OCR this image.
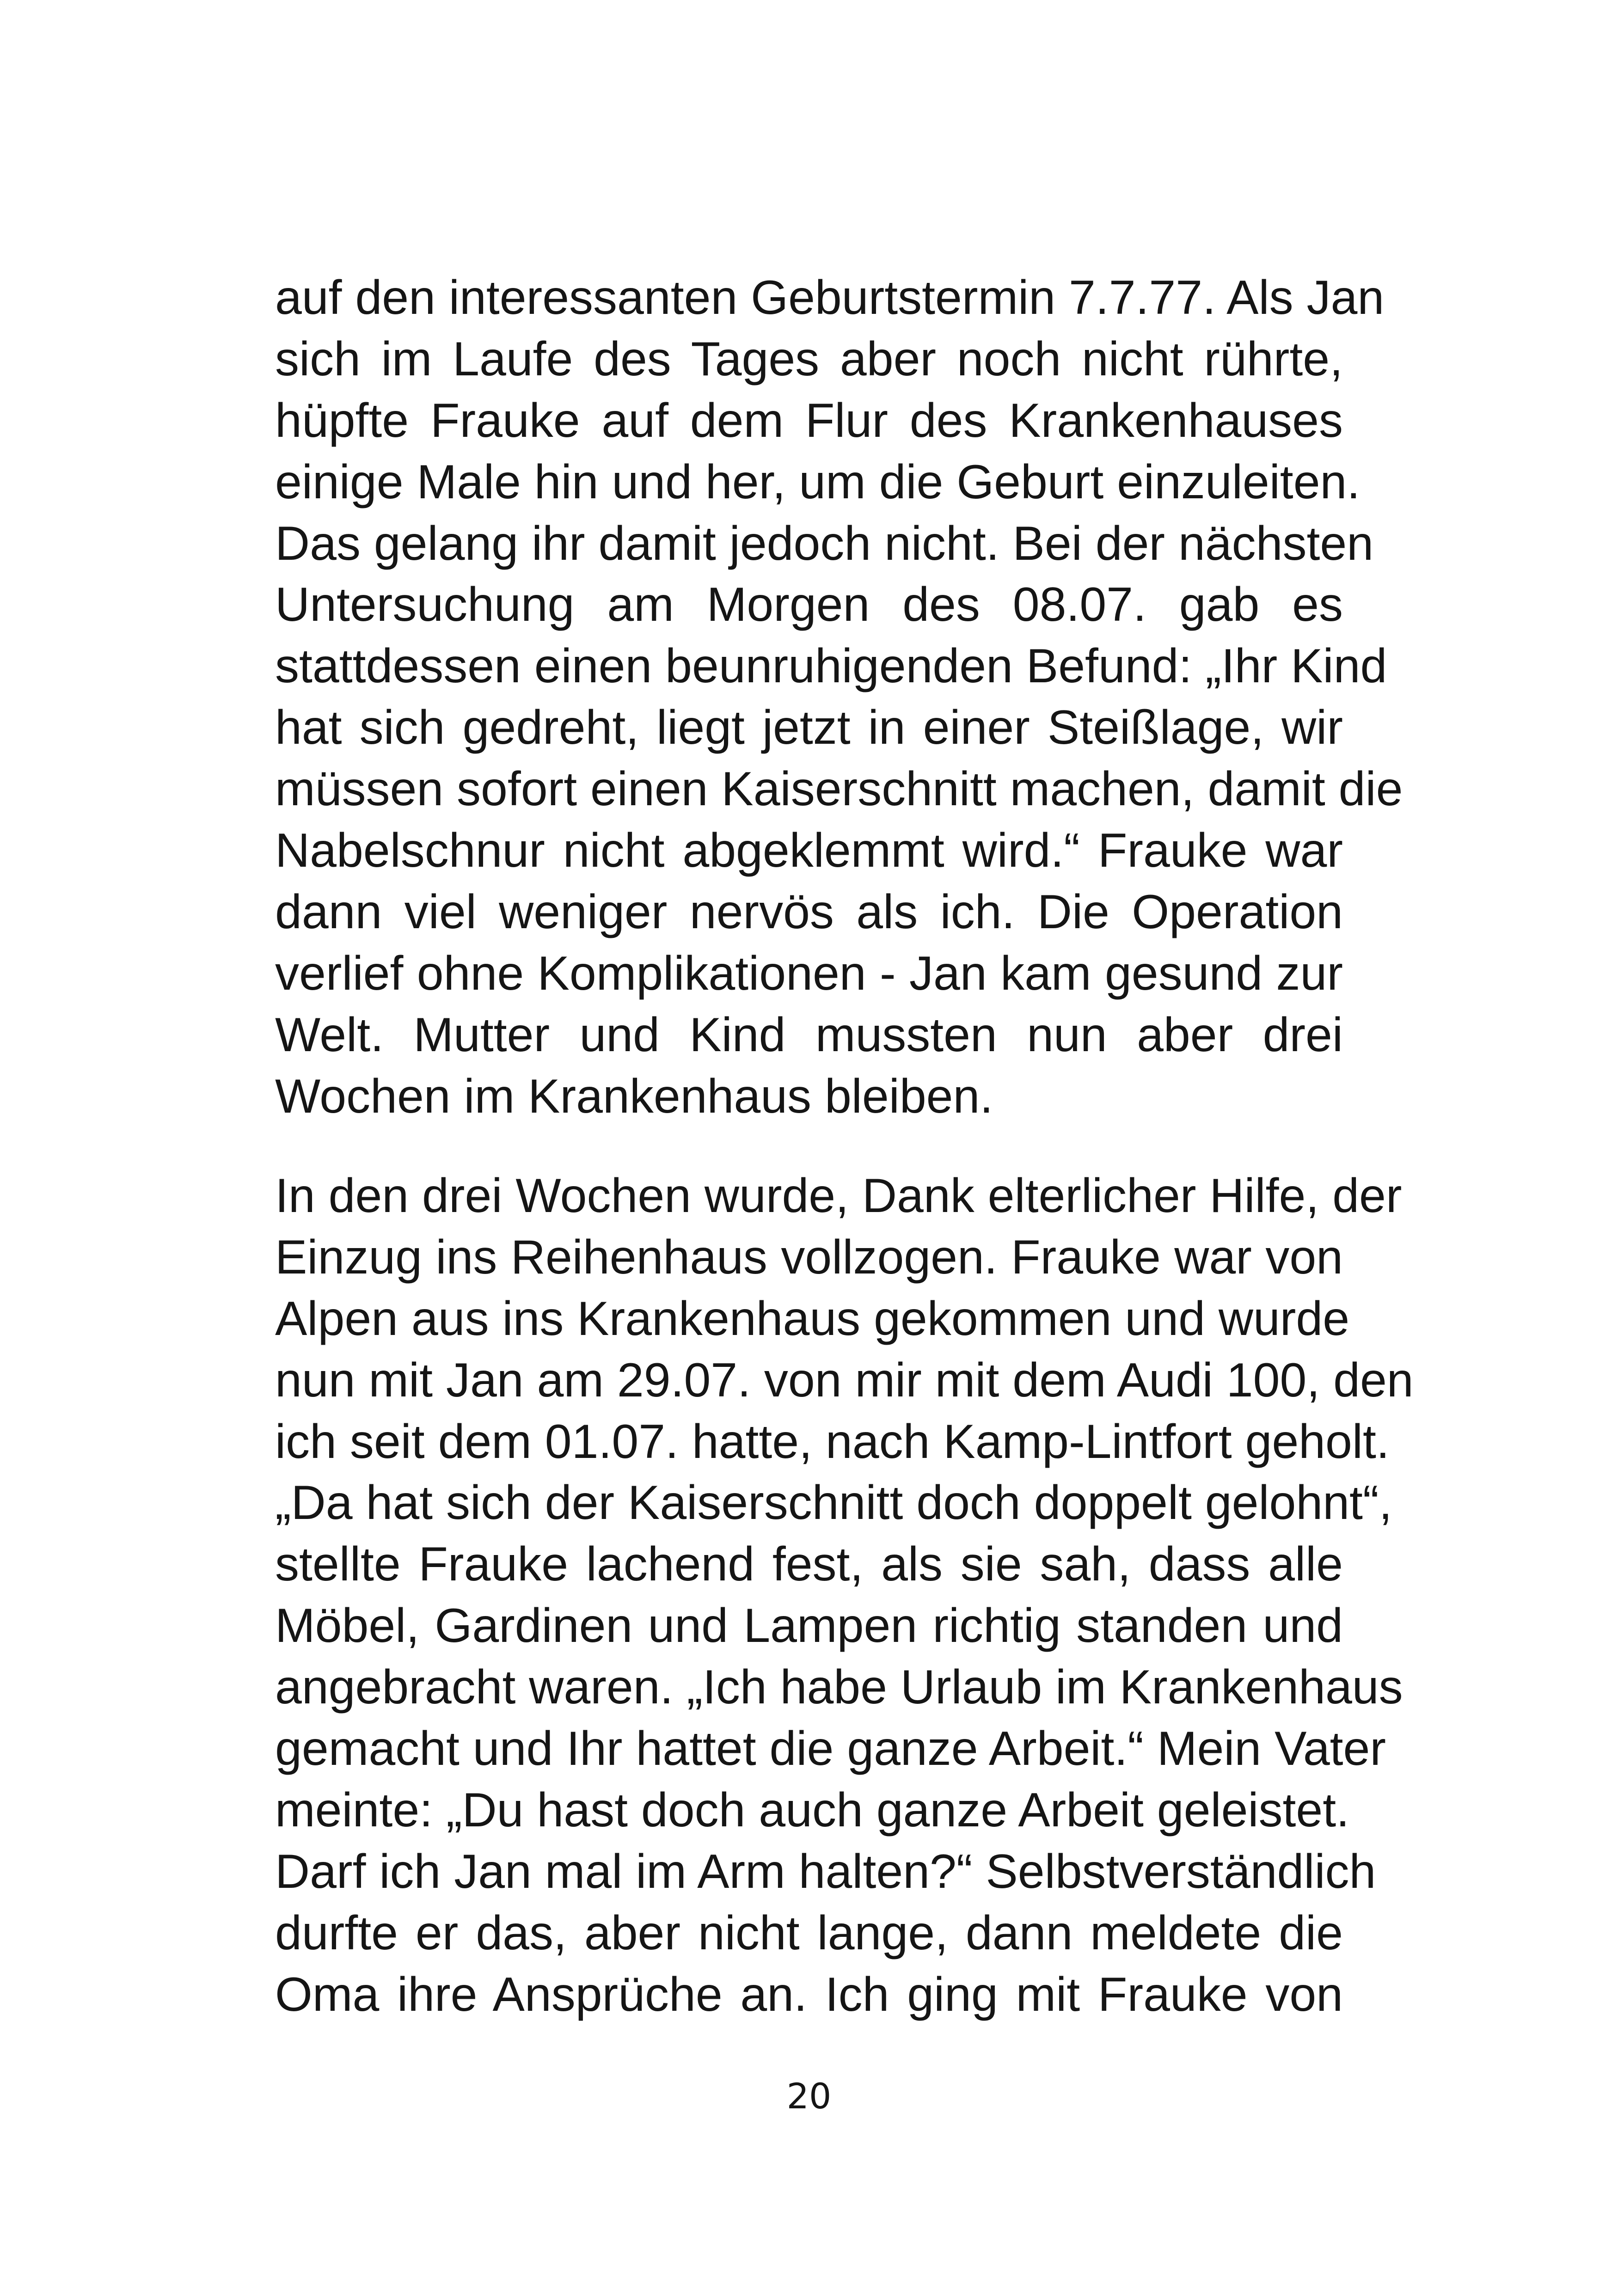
auf den interessanten Geburtstermin 7.7.77. Als Jan
sich im Laufe des Tages aber noch nicht rührte,
hüpfte Frauke auf dem Flur des Krankenhauses
einige Male hin und her, um die Geburt einzuleiten.
Das gelang ihr damit jedoch nicht. Bei der nächsten
Untersuchung am Morgen des 08.07. gab es
stattdessen einen beunruhigenden Befund: „Ihr Kind
hat sich gedreht, liegt jetzt in einer Steißlage, wir
müssen sofort einen Kaiserschnitt machen, damit die
Nabelschnur nicht abgeklemmt wird.“ Frauke war
dann viel weniger nervös als ich. Die Operation
verlief ohne Komplikationen - Jan kam gesund zur
Welt. Mutter und Kind mussten nun aber drei
Wochen im Krankenhaus bleiben.
In den drei Wochen wurde, Dank elterlicher Hilfe, der
Einzug ins Reihenhaus vollzogen. Frauke war von
Alpen aus ins Krankenhaus gekommen und wurde
nun mit Jan am 29.07. von mir mit dem Audi 100, den
ich seit dem 01.07. hatte, nach Kamp-Lintfort geholt.
„Da hat sich der Kaiserschnitt doch doppelt gelohnt“,
stellte Frauke lachend fest, als sie sah, dass alle
Möbel, Gardinen und Lampen richtig standen und
angebracht waren. „Ich habe Urlaub im Krankenhaus
gemacht und Ihr hattet die ganze Arbeit.“ Mein Vater
meinte: „Du hast doch auch ganze Arbeit geleistet.
Darf ich Jan mal im Arm halten?“ Selbstverständlich
durfte er das, aber nicht lange, dann meldete die
Oma ihre Ansprüche an. Ich ging mit Frauke von
20
